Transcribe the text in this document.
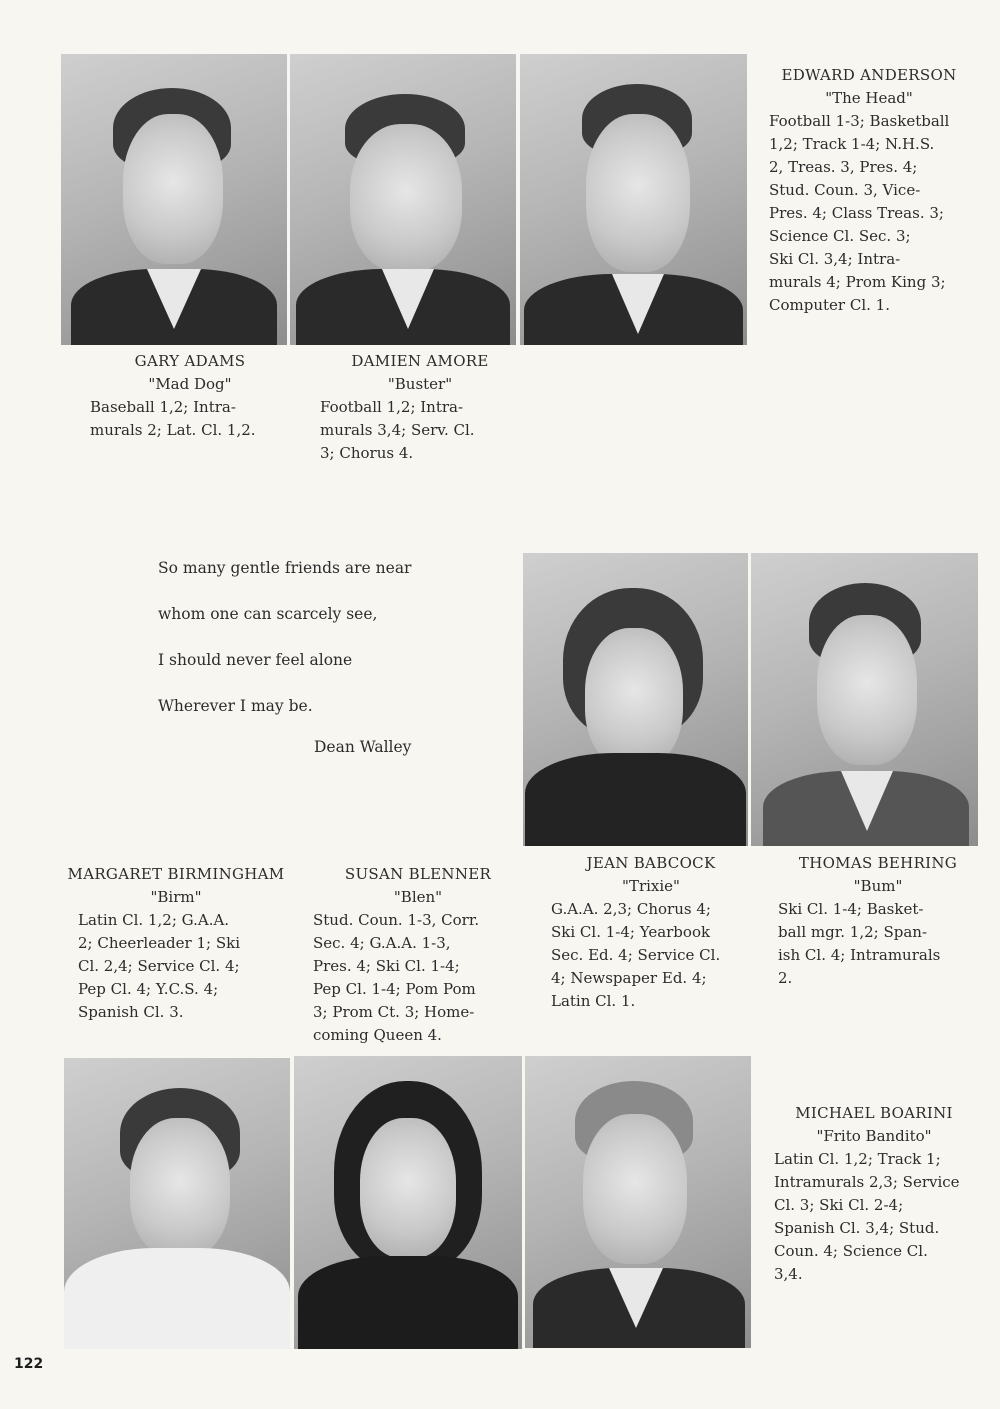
EDWARD ANDERSON
"The Head"
Football 1-3; Basketball
1,2; Track 1-4; N.H.S.
2, Treas. 3, Pres. 4;
Stud. Coun. 3, Vice-
Pres. 4; Class Treas. 3;
Science Cl. Sec. 3;
Ski Cl. 3,4; Intra-
murals 4; Prom King 3;
Computer Cl. 1.
GARY ADAMS
"Mad Dog"
Baseball 1,2; Intra-
murals 2; Lat. Cl. 1,2.
DAMIEN AMORE
"Buster"
Football 1,2; Intra-
murals 3,4; Serv. Cl.
3; Chorus 4.
So many gentle friends are near
whom one can scarcely see,
I should never feel alone
Wherever I may be.
Dean Walley
MARGARET BIRMINGHAM
"Birm"
Latin Cl. 1,2; G.A.A.
2; Cheerleader 1; Ski
Cl. 2,4; Service Cl. 4;
Pep Cl. 4; Y.C.S. 4;
Spanish Cl. 3.
SUSAN BLENNER
"Blen"
Stud. Coun. 1-3, Corr.
Sec. 4; G.A.A. 1-3,
Pres. 4; Ski Cl. 1-4;
Pep Cl. 1-4; Pom Pom
3; Prom Ct. 3; Home-
coming Queen 4.
JEAN BABCOCK
"Trixie"
G.A.A. 2,3; Chorus 4;
Ski Cl. 1-4; Yearbook
Sec. Ed. 4; Service Cl.
4; Newspaper Ed. 4;
Latin Cl. 1.
THOMAS BEHRING
"Bum"
Ski Cl. 1-4; Basket-
ball mgr. 1,2; Span-
ish Cl. 4; Intramurals
2.
MICHAEL BOARINI
"Frito Bandito"
Latin Cl. 1,2; Track 1;
Intramurals 2,3; Service
Cl. 3; Ski Cl. 2-4;
Spanish Cl. 3,4; Stud.
Coun. 4; Science Cl.
3,4.
122
